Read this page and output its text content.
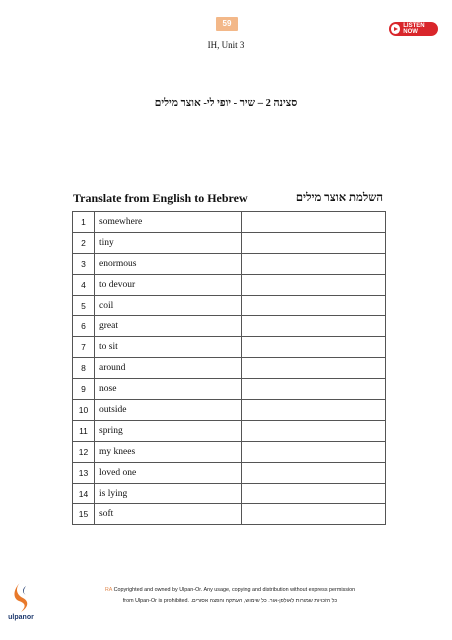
59	LISTEN NOW
IH, Unit 3
סצינה 2 – שיר - יופי לי- אוצר מילים
Translate from English to Hebrew	השלמת אוצר מילים
1	somewhere	
2	tiny	
3	enormous	
4	to devour	
5	coil	
6	great	
7	to sit	
8	around	
9	nose	
10	outside	
11	spring	
12	my knees	
13	loved one	
14	is lying	
15	soft	
ulpanor
RA Copyrighted and owned by Ulpan-Or. Any usage, copying and distribution without express permission
from Ulpan-Or is prohibited. .כל הזכויות שמורות לאולפן-אור. כל שימוש, העתקה והפצה אסורים
